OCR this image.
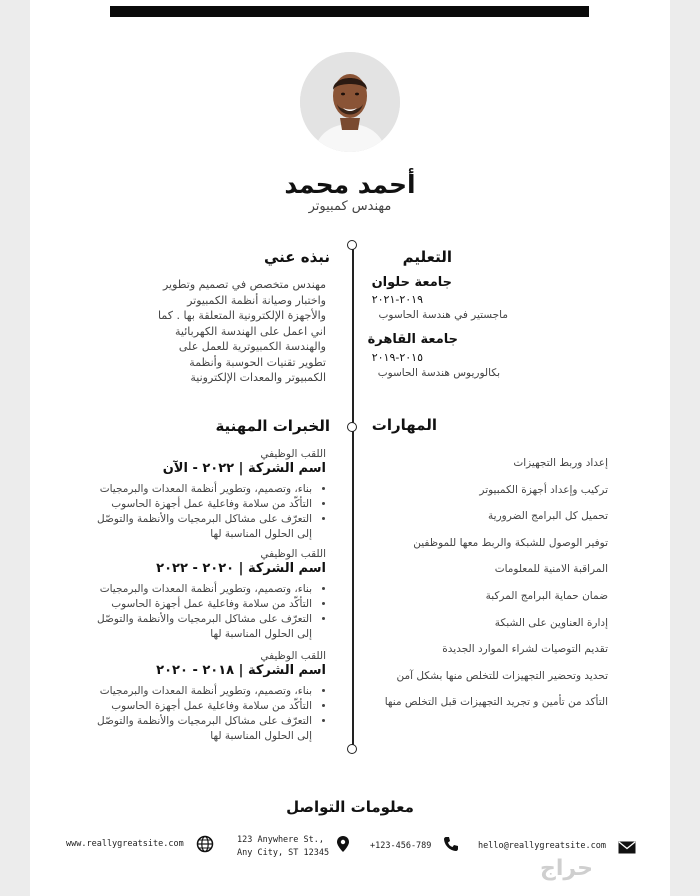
أحمد محمد
مهندس كمبيوتر
التعليم
جامعة حلوان
٢٠١٩-٢٠٢١
ماجستير في هندسة الحاسوب
جامعة القاهرة
٢٠١٥-٢٠١٩
بكالوريوس هندسة الحاسوب
نبذه عني
مهندس متخصص في تصميم وتطوير
واختبار وصيانة أنظمة الكمبيوتر
والأجهزة الإلكترونية المتعلقة بها . كما
اني اعمل على الهندسة الكهربائية
والهندسة الكمبيوترية للعمل على
تطوير تقنيات الحوسبة وأنظمة
الكمبيوتر والمعدات الإلكترونية
المهارات
إعداد وربط التجهيزات
تركيب وإعداد أجهزة الكمبيوتر
تحميل كل البرامج الضرورية
توفير الوصول للشبكة والربط معها للموظفين
المراقبة الامنية للمعلومات
ضمان حماية البرامج المركبة
إدارة العناوين على الشبكة
تقديم التوصيات لشراء الموارد الجديدة
تحديد وتحضير التجهيزات للتخلص منها بشكل آمن
التأكد من تأمين و تجريد التجهيزات قبل التخلص منها
الخبرات المهنية
اللقب الوظيفي
اسم الشركة | ٢٠٢٢ - الآن
• بناء، وتصميم، وتطوير أنظمة المعدات والبرمجيات
• التأكّد من سلامة وفاعلية عمل أجهزة الحاسوب
• التعرّف على مشاكل البرمجيات والأنظمة والتوصّل إلى الحلول المناسبة لها
اللقب الوظيفي
اسم الشركة | ٢٠٢٠ - ٢٠٢٢
• بناء، وتصميم، وتطوير أنظمة المعدات والبرمجيات
• التأكّد من سلامة وفاعلية عمل أجهزة الحاسوب
• التعرّف على مشاكل البرمجيات والأنظمة والتوصّل إلى الحلول المناسبة لها
اللقب الوظيفي
اسم الشركة | ٢٠١٨ - ٢٠٢٠
• بناء، وتصميم، وتطوير أنظمة المعدات والبرمجيات
• التأكّد من سلامة وفاعلية عمل أجهزة الحاسوب
• التعرّف على مشاكل البرمجيات والأنظمة والتوصّل إلى الحلول المناسبة لها
معلومات التواصل
www.reallygreatsite.com	123 Anywhere St.,
Any City, ST 12345
+123-456-789	hello@reallygreatsite.com
حراج
